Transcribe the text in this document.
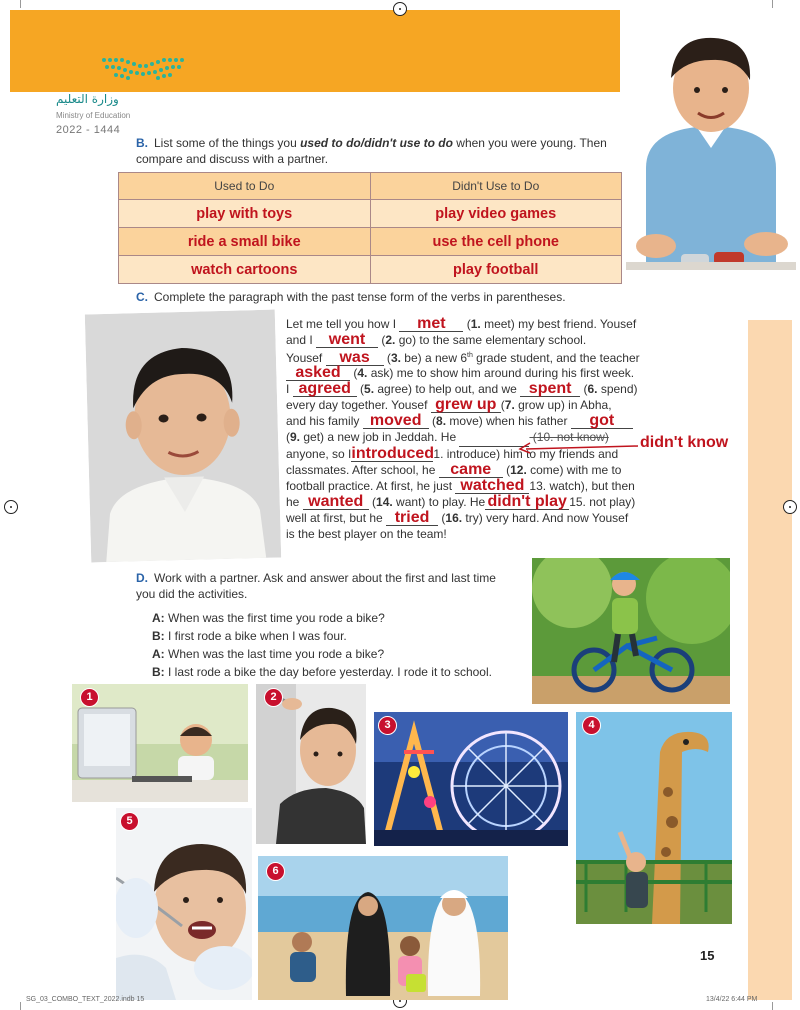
وزارة التعليم
Ministry of Education
2022 - 1444
B. List some of the things you used to do/didn't use to do when you were young. Then compare and discuss with a partner.
Used to Do	Didn't Use to Do
play with toys	play video games
ride a small bike	use the cell phone
watch cartoons	play football
C. Complete the paragraph with the past tense form of the verbs in parentheses.
Let me tell you how I met (1. meet) my best friend. Yousef
and I went (2. go) to the same elementary school.
Yousef was (3. be) a new 6th grade student, and the teacher
asked (4. ask) me to show him around during his first week.
I agreed (5. agree) to help out, and we spent (6. spend)
every day together. Yousef grew up (7. grow up) in Abha,
and his family moved (8. move) when his father got
(9. get) a new job in Jeddah. He	(10. not know)
anyone, so Iintroduced1. introduce) him to my friends and
classmates. After school, he came (12. come) with me to
football practice. At first, he just watched 13. watch), but then
he wanted (14. want) to play. He didn't play 15. not play)
well at first, but he tried (16. try) very hard. And now Yousef
is the best player on the team!
didn't know
D. Work with a partner. Ask and answer about the first and last time you did the activities.
A: When was the first time you rode a bike?
B: I first rode a bike when I was four.
A: When was the last time you rode a bike?
B: I last rode a bike the day before yesterday. I rode it to school.
1	2
3	4
5
6
15
SG_03_COMBO_TEXT_2022.indb 15	13/4/22 6:44 PM
